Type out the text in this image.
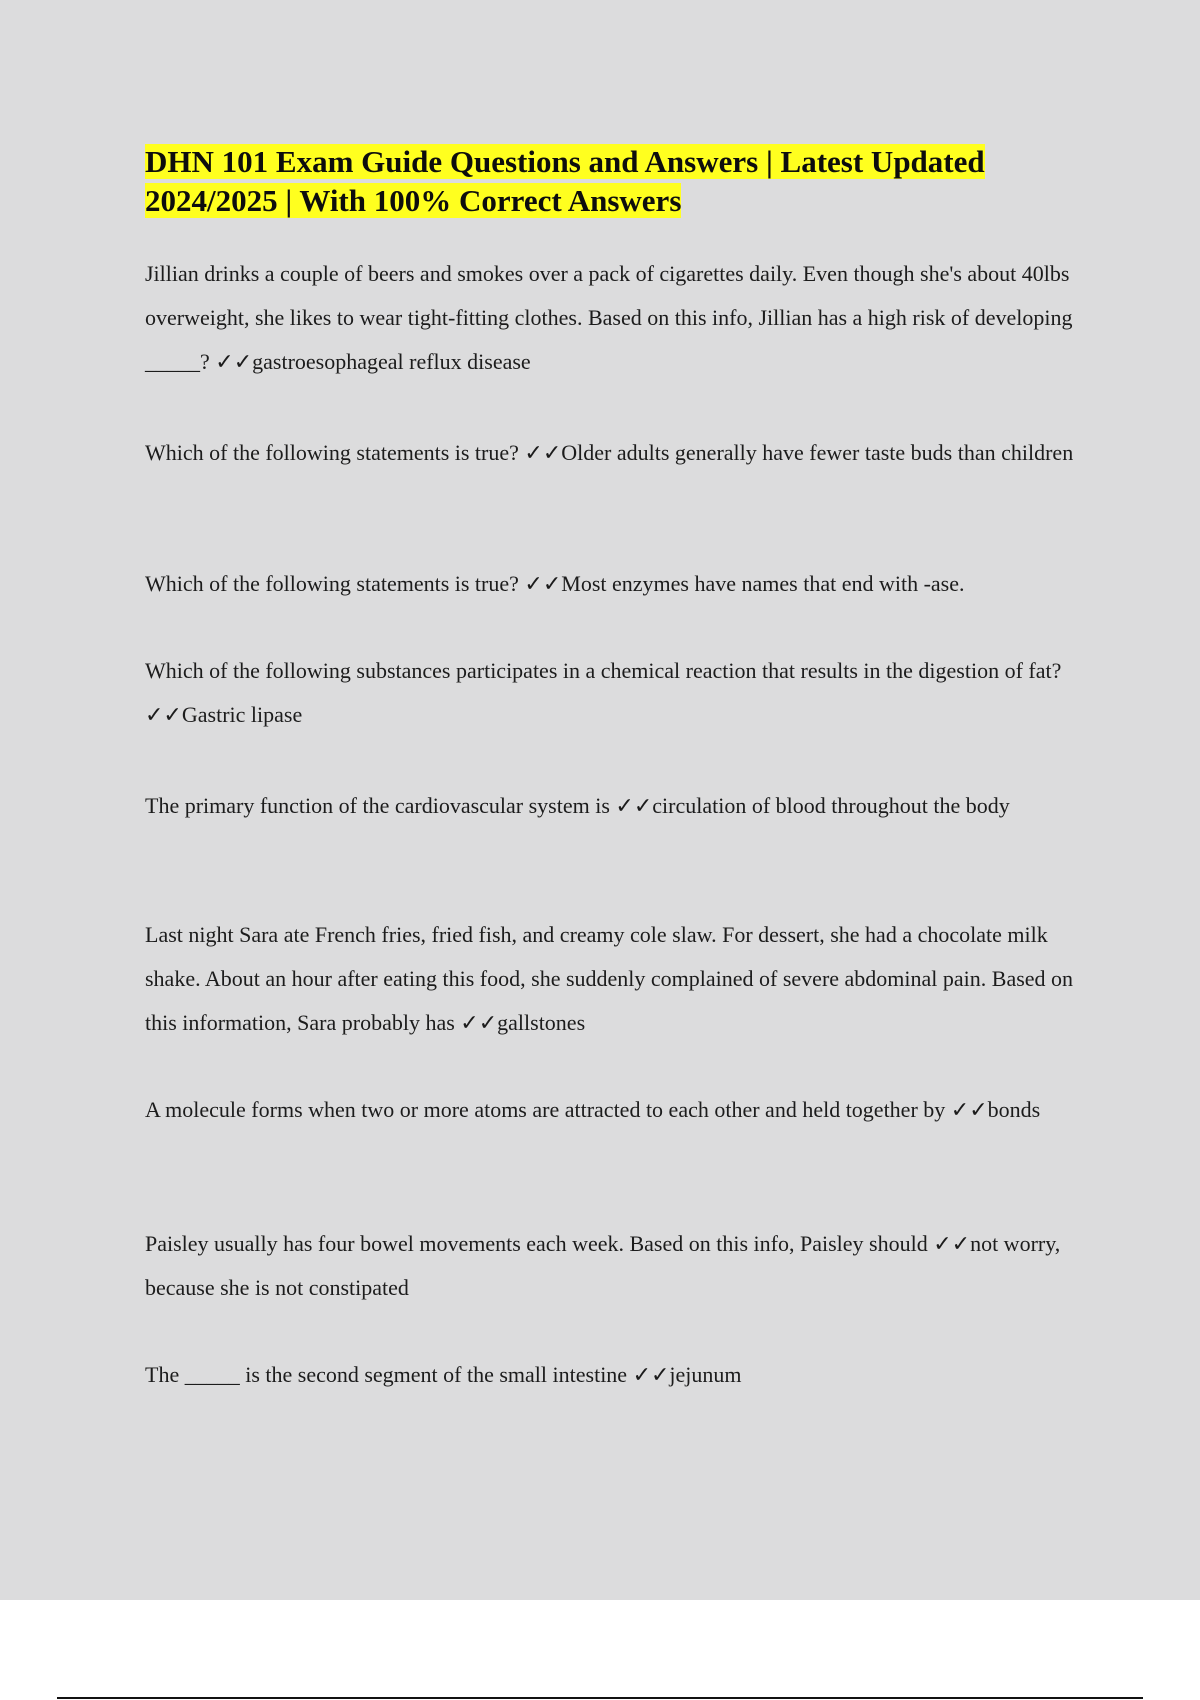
DHN 101 Exam Guide Questions and Answers | Latest Updated 2024/2025 | With 100% Correct Answers

Jillian drinks a couple of beers and smokes over a pack of cigarettes daily. Even though she's about 40lbs overweight, she likes to wear tight-fitting clothes. Based on this info, Jillian has a high risk of developing _____? ✓✓gastroesophageal reflux disease

Which of the following statements is true? ✓✓Older adults generally have fewer taste buds than children

Which of the following statements is true? ✓✓Most enzymes have names that end with -ase.

Which of the following substances participates in a chemical reaction that results in the digestion of fat? ✓✓Gastric lipase

The primary function of the cardiovascular system is ✓✓circulation of blood throughout the body

Last night Sara ate French fries, fried fish, and creamy cole slaw. For dessert, she had a chocolate milk shake. About an hour after eating this food, she suddenly complained of severe abdominal pain. Based on this information, Sara probably has ✓✓gallstones

A molecule forms when two or more atoms are attracted to each other and held together by ✓✓bonds

Paisley usually has four bowel movements each week. Based on this info, Paisley should ✓✓not worry, because she is not constipated

The _____ is the second segment of the small intestine ✓✓jejunum
